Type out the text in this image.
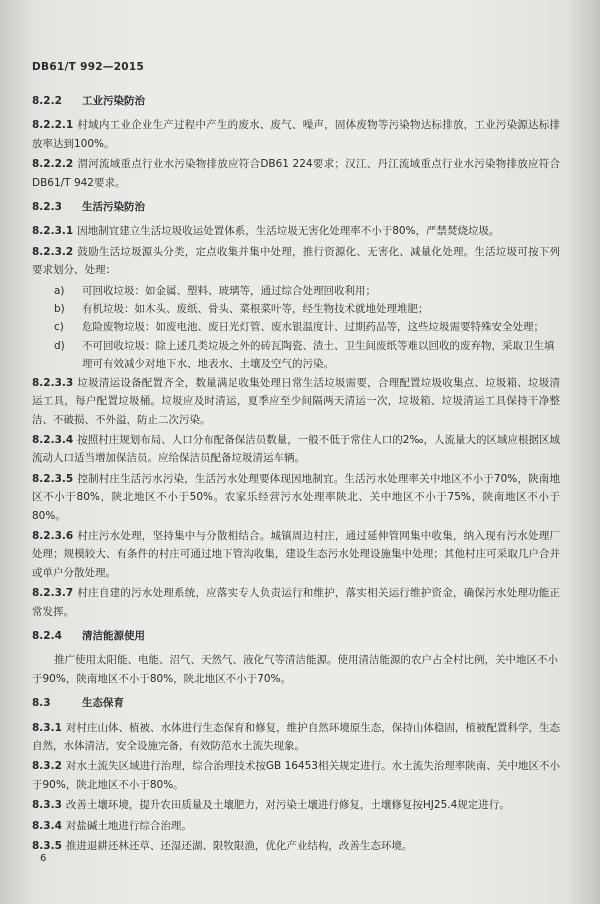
DB61/T 992—2015
8.2.2 工业污染防治

8.2.2.1 村域内工业企业生产过程中产生的废水、废气、噪声，固体废物等污染物达标排放，工业污染源达标排放率达到100%。

8.2.2.2 渭河流域重点行业水污染物排放应符合DB61 224要求；汉江、丹江流域重点行业水污染物排放应符合DB61/T 942要求。

8.2.3 生活污染防治

8.2.3.1 因地制宜建立生活垃圾收运处置体系，生活垃圾无害化处理率不小于80%，严禁焚烧垃圾。

8.2.3.2 鼓励生活垃圾源头分类，定点收集并集中处理，推行资源化、无害化、减量化处理。生活垃圾可按下列要求划分、处理：

a) 可回收垃圾：如金属、塑料、玻璃等，通过综合处理回收利用；

b) 有机垃圾：如木头、废纸、骨头、菜根菜叶等，经生物技术就地处理堆肥；

c) 危险废物垃圾：如废电池、废日光灯管、废水银温度计、过期药品等，这些垃圾需要特殊安全处理；

d) 不可回收垃圾：除上述几类垃圾之外的砖瓦陶瓷、渣土、卫生间废纸等难以回收的废弃物，采取卫生填埋可有效减少对地下水、地表水、土壤及空气的污染。

8.2.3.3 垃圾清运设备配置齐全，数量满足收集处理日常生活垃圾需要，合理配置垃圾收集点、垃圾箱、垃圾清运工具，每户配置垃圾桶。垃圾应及时清运，夏季应至少间隔两天清运一次，垃圾箱、垃圾清运工具保持干净整洁、不破损、不外溢，防止二次污染。

8.2.3.4 按照村庄规划布局、人口分布配备保洁员数量，一般不低于常住人口的2‰，人流量大的区域应根据区域流动人口适当增加保洁员。应给保洁员配备垃圾清运车辆。

8.2.3.5 控制村庄生活污水污染，生活污水处理要体现因地制宜。生活污水处理率关中地区不小于70%，陕南地区不小于80%，陕北地区不小于50%。农家乐经营污水处理率陕北、关中地区不小于75%，陕南地区不小于80%。

8.2.3.6 村庄污水处理，坚持集中与分散相结合。城镇周边村庄，通过延伸管网集中收集，纳入现有污水处理厂处理；规模较大、有条件的村庄可通过地下管沟收集，建设生态污水处理设施集中处理；其他村庄可采取几户合并或单户分散处理。

8.2.3.7 村庄自建的污水处理系统，应落实专人负责运行和维护，落实相关运行维护资金，确保污水处理功能正常发挥。

8.2.4 清洁能源使用

推广使用太阳能、电能、沼气、天然气、液化气等清洁能源。使用清洁能源的农户占全村比例，关中地区不小于90%，陕南地区不小于80%，陕北地区不小于70%。

8.3	生态保育

8.3.1 对村庄山体、植被、水体进行生态保育和修复，维护自然环境原生态，保持山体稳固，植被配置科学，生态自然，水体清洁，安全设施完备，有效防范水土流失现象。

8.3.2 对水土流失区域进行治理，综合治理技术按GB 16453相关规定进行。水土流失治理率陕南、关中地区不小于90%，陕北地区不小于80%。

8.3.3 改善土壤环境，提升农田质量及土壤肥力，对污染土壤进行修复，土壤修复按HJ25.4规定进行。

8.3.4 对盐碱土地进行综合治理。

8.3.5 推进退耕还林还草、还湿还湖、限牧限渔，优化产业结构，改善生态环境。

6
